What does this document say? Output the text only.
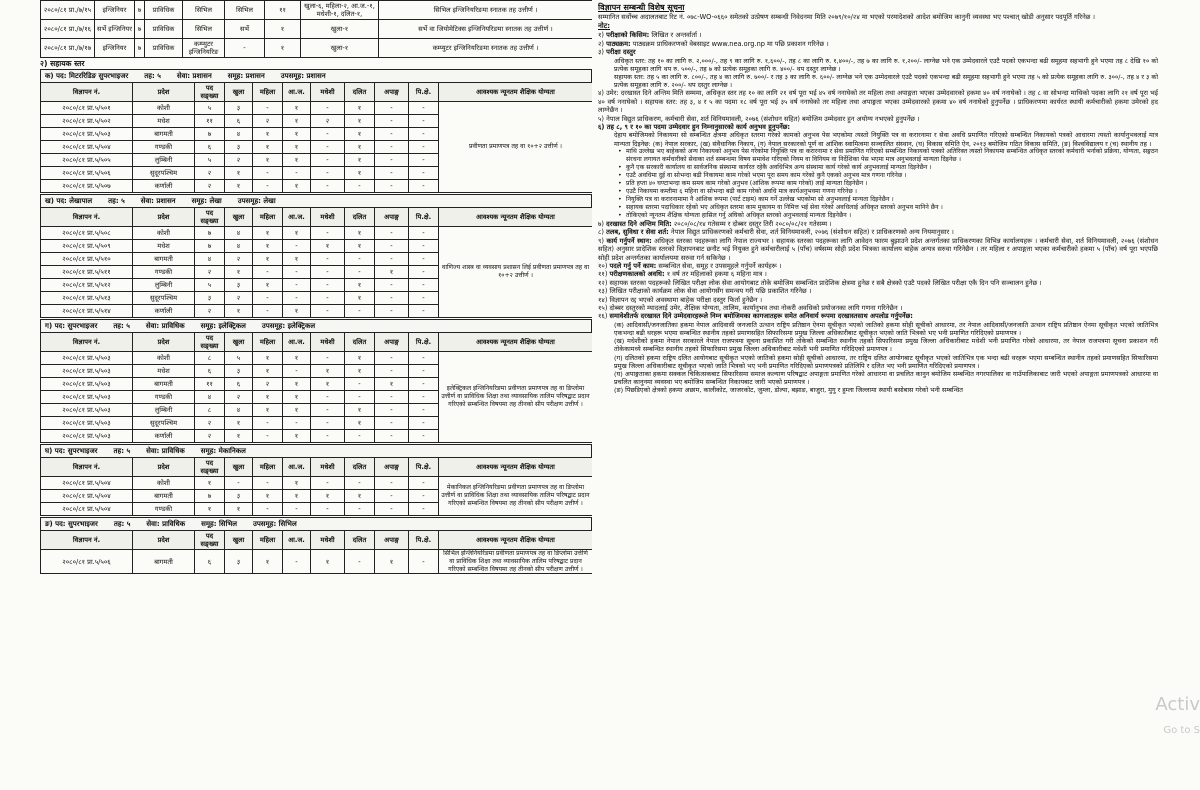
२०८०/८१ प्रा./७/१५	इन्जिनियर	७	प्राविधिक	सिभिल	सिभिल	११	खुला-६, महिला-२, आ.ज.-१, मधेशी-१, दलित-१,	सिभिल इन्जिनियरिङमा स्नातक तह उत्तीर्ण ।
२०८०/८१ प्रा./७/१६	सर्भे इन्जिनियर	७	प्राविधिक	सिभिल	सर्भे	१	खुला-१	सर्भे वा जियोमेटिक्स इन्जिनियरिङमा स्नातक तह उत्तीर्ण ।
२०८०/८१ प्रा./७/१७	इन्जिनियर	७	प्राविधिक	कम्प्युटर इन्जिनियरिङ	-	१	खुला-१	कम्प्युटर इन्जिनियरिङमा स्नातक तह उत्तीर्ण ।
२) सहायक स्तर
क) पद: मिटररिडिङ सुपरभाइजर तह: ५ सेवा: प्रशासन समूह: प्रशासन उपसमूह: प्रशासन
विज्ञापन नं.	प्रदेश	पद सङ्ख्या	खुला	महिला	आ.ज.	मधेशी	दलित	अपाङ्ग	पि.क्षे.	आवश्यक न्यूनतम शैक्षिक योग्यता
२०८०/८१ प्रा.५/५०१	कोशी	५	३	-	१	-	१	-	-	प्रवीणता प्रमाणपत्र तह वा १०+२ उत्तीर्ण ।
२०८०/८१ प्रा.५/५०२	मधेश	११	६	२	१	२	१	-	-	
२०८०/८१ प्रा.५/५०३	बागमती	७	४	१	१	-	१	-	-	
२०८०/८१ प्रा.५/५०४	गण्डकी	६	३	१	१	-	१	-	-	
२०८०/८१ प्रा.५/५०५	लुम्बिनी	५	२	१	१	-	१	-	-	
२०८०/८१ प्रा.५/५०६	सुदूरपश्चिम	२	१	-	-	-	१	-	-	
२०८०/८१ प्रा.५/५०७	कर्णाली	२	१	-	१	-	-	-	-	
ख) पद: लेखापाल तह: ५ सेवा: प्रशासन समूह: लेखा उपसमूह: लेखा
विज्ञापन नं.	प्रदेश	पद सङ्ख्या	खुला	महिला	आ.ज.	मधेशी	दलित	अपाङ्ग	पि.क्षे.	आवश्यक न्यूनतम शैक्षिक योग्यता
२०८०/८१ प्रा.५/५०८	कोशी	७	४	१	१	-	१	-	-	वाणिज्य शास्त्र वा व्यवसाय प्रशासन लिई प्रवीणता प्रमाणपत्र तह वा १०+२ उत्तीर्ण ।
२०८०/८१ प्रा.५/५०९	मधेश	७	४	१	-	१	१	-	-	
२०८०/८१ प्रा.५/५१०	बागमती	४	२	१	१	-	-	-	-	
२०८०/८१ प्रा.५/५११	गण्डकी	२	१	-	-	-	-	१	-	
२०८०/८१ प्रा.५/५१२	लुम्बिनी	५	३	१	-	-	१	-	-	
२०८०/८१ प्रा.५/५१३	सुदूरपश्चिम	३	२	-	-	-	१	-	-	
२०८०/८१ प्रा.५/५१४	कर्णाली	२	१	-	१	-	-	-	-	
ग) पद: सुपरभाइजर तह: ५ सेवा: प्राविधिक समूह: इलेक्ट्रिकल उपसमूह: इलेक्ट्रिकल
विज्ञापन नं.	प्रदेश	पद सङ्ख्या	खुला	महिला	आ.ज.	मधेशी	दलित	अपाङ्ग	पि.क्षे.	आवश्यक न्यूनतम शैक्षिक योग्यता
२०८०/८१ प्रा.५/५०३	कोशी	८	५	१	१	-	१	-	-	इलेक्ट्रिकल इन्जिनियरिङमा प्रवीणता प्रमाणपत्र तह वा डिप्लोमा उत्तीर्ण वा प्राविधिक शिक्षा तथा व्यावसायिक तालिम परिषद्बाट प्रदान गरिएको सम्बन्धित विषयमा तह तीनको सीप परीक्षण उत्तीर्ण ।
२०८०/८१ प्रा.५/५०३	मधेश	६	३	१	-	१	१	-	-	
२०८०/८१ प्रा.५/५०३	बागमती	११	६	२	१	१	-	१	-	
२०८०/८१ प्रा.५/५०३	गण्डकी	४	२	१	१	-	-	-	-	
२०८०/८१ प्रा.५/५०३	लुम्बिनी	८	४	१	१	-	१	-	-	
२०८०/८१ प्रा.५/५०३	सुदूरपश्चिम	२	१	-	-	-	१	-	-	
२०८०/८१ प्रा.५/५०३	कर्णाली	२	१	-	१	-	-	-	-	
घ) पद: सुपरभाइजर तह: ५ सेवा: प्राविधिक समूह: मेकानिकल
विज्ञापन नं.	प्रदेश	पद सङ्ख्या	खुला	महिला	आ.ज.	मधेशी	दलित	अपाङ्ग	पि.क्षे.	आवश्यक न्यूनतम शैक्षिक योग्यता
२०८०/८१ प्रा.५/५०४	कोशी	१	-	-	१	-	-	-	-	मेकानिकल इन्जिनियरिङमा प्रवीणता प्रमाणपत्र तह वा डिप्लोमा उत्तीर्ण वा प्राविधिक शिक्षा तथा व्यावसायिक तालिम परिषद्बाट प्रदान गरिएको सम्बन्धित विषयमा तह तीनको सीप परीक्षण उत्तीर्ण ।
२०८०/८१ प्रा.५/५०४	बागमती	७	३	१	१	१	१	-	-	
२०८०/८१ प्रा.५/५०४	गण्डकी	१	१	-	-	-	-	-	-	
ङ) पद: सुपरभाइजर तह: ५ सेवा: प्राविधिक समूह: सिभिल उपसमूह: सिभिल
विज्ञापन नं.	प्रदेश	पद सङ्ख्या	खुला	महिला	आ.ज.	मधेशी	दलित	अपाङ्ग	पि.क्षे.	आवश्यक न्यूनतम शैक्षिक योग्यता
२०८०/८१ प्रा.५/५०६	बागमती	६	३	१	-	१	-	१	-	सिभिल इन्जिनियरिङमा प्रवीणता प्रमाणपत्र तह वा डिप्लोमा उत्तीर्ण वा प्राविधिक शिक्षा तथा व्यावसायिक तालिम परिषद्बाट प्रदान गरिएको सम्बन्धित विषयमा तह तीनको सीप परीक्षण उत्तीर्ण ।
विज्ञापन सम्बन्धी विशेष सूचना

सम्मानित सर्वोच्च अदालतबाट रिट नं. ०७८-WO-०६६० समेतको उत्प्रेषण सम्बन्धी निवेदनमा मिति २०७९/१०/२४ मा भएको परमादेशको आदेश बमोजिम कानुनी व्यवस्था भए पश्चात् खोडी अनुसार पदपूर्ति गरिनेछ ।

नोट:

१) परीक्षाको किसिम: लिखित र अन्तर्वार्ता ।

२) पाठ्यक्रम: पाठ्यक्रम प्राधिकरणको वेबसाइट www.nea.org.np मा पछि प्रकाशन गरिनेछ ।

३) परीक्षा दस्तुर

अधिकृत स्तर: तह १० का लागि रु. २,०००/-, तह ९ का लागि रु. १,६००/-, तह ८ का लागि रु. १,४००/-, तह ७ का लागि रु. १,२००/- लाग्नेछ भने एक उम्मेदवारले एउटै पदको एकभन्दा बढी समूहमा सहभागी हुने भएमा तह ८ देखि १० को प्रत्येक समूहका लागि थप रु. ५००/-, तह ७ को प्रत्येक समूहका लागि रु. ४००/- थप दस्तुर लाग्नेछ ।

सहायक स्तर: तह ५ का लागि रु. ८००/-, तह ४ का लागि रु. ७००/- र तह ३ का लागि रु. ६००/- लाग्नेछ भने एक उम्मेदवारले एउटै पदको एकभन्दा बढी समूहमा सहभागी हुने भएमा तह ५ को प्रत्येक समूहका लागि रु. ३००/-, तह ४ र ३ को प्रत्येक समूहका लागि रु. २००/- थप दस्तुर लाग्नेछ ।

४) उमेर: दरखास्त दिने अन्तिम मिति सम्ममा, अधिकृत स्तर तह १० का लागि २१ वर्ष पूरा भई ४५ वर्ष ननाघेको तर महिला तथा अपाङ्गता भएका उम्मेदवारको हकमा ४० वर्ष ननाघेको । तह ८ वा सोभन्दा माथिको पदका लागि २१ वर्ष पूरा भई ४० वर्ष ननाघेको । सहायक स्तर: तह ३, ४ र ५ का पदमा १८ वर्ष पूरा भई ३५ वर्ष ननाघेको तर महिला तथा अपाङ्गता भएका उम्मेदवारको हकमा ४० वर्ष ननाघेको हुनुपर्नेछ । प्राधिकरणमा कार्यरत स्थायी कर्मचारीको हकमा उमेरको हद लाग्नेछैन ।

५) नेपाल विद्युत प्राधिकरण, कर्मचारी सेवा, शर्त विनियमावली, २०७६ (संशोधन सहित) बमोजिम उम्मेदवार हुन अयोग्य नभएको हुनुपर्नेछ ।

६) तह ८, ९ र १० का पदमा उम्मेदवार हुन निम्नानुसारको कार्य अनुभव हुनुपर्नेछ:

देहाय बमोजिमको निकायमा सो सम्बन्धित क्षेत्रमा अधिकृत स्तरमा गरेको कामको अनुभव पेस भएकोमा त्यस्तो नियुक्ति पत्र वा करारनामा र सेवा अवधि प्रमाणित गरिएको सम्बन्धित निकायको पत्रको आधारमा त्यस्तो कार्यानुभवलाई मात्र मान्यता दिइनेछ: (क) नेपाल सरकार, (ख) संवैधानिक निकाय, (ग) नेपाल सरकारको पूर्ण वा आंशिक स्वामित्वमा सञ्चालित संस्थान, (घ) विकास समिति ऐन, २०१३ बमोजिम गठित विकास समिति, (ङ) विश्वविद्यालय र (च) स्थानीय तह ।

• माथि उल्लेख भए बाहेकको अन्य निकायको अनुभव पेस गरेकोमा नियुक्ति पत्र वा करारनामा र सेवा प्रमाणित गरिएको सम्बन्धित निकायको पत्रको अतिरिक्त त्यस्तो निकायमा सम्बन्धित अधिकृत स्तरको कर्मचारी भर्नाको प्रक्रिया, योग्यता, सङ्गठन संरचना लगायत कर्मचारीको सेवाका शर्त सम्बन्धमा विषय समावेश गरिएको नियम वा विनियम वा निर्देशिका पेस भएमा मात्र अनुभवलाई मान्यता दिइनेछ ।

• कुनै एक सरकारी कार्यालय वा सार्वजनिक संस्थामा कार्यरत रहेकै अवधिभित्र अन्य संस्थामा कार्य गरेको कार्य अनुभवलाई मान्यता दिइनेछैन ।

• एउटै अवधिमा दुई वा सोभन्दा बढी निकायमा काम गरेको भएमा पूरा समय काम गरेको कुनै एकको अनुभव मात्र गणना गरिनेछ ।

• प्रति हप्ता ४० घण्टाभन्दा कम समय काम गरेको अनुभव (आंशिक रूपमा काम गरेको) लाई मान्यता दिइनेछैन ।

• एउटै निकायमा कम्तीमा ६ महिना वा सोभन्दा बढी काम गरेको अवधि मात्र कार्यअनुभवमा गणना गरिनेछ ।

• नियुक्ति पत्र वा करारनामामा नै आंशिक रूपमा (पार्ट टाइम) काम गर्ने उल्लेख भएकोमा सो अनुभवलाई मान्यता दिइनेछैन ।

• सहायक स्तरमा पदाधिकार रहेको भए अधिकृत स्तरमा काम मुकायम वा निमित्त भई सेवा गरेको अवधिलाई अधिकृत स्तरको अनुभव मानिने छैन ।

• तोकिएको न्यूनतम शैक्षिक योग्यता हासिल गर्नु अघिको अधिकृत स्तरको अनुभवलाई मान्यता दिइनेछैन ।

७) दरखास्त दिने अन्तिम मिति: २०८०/०८/१४ गतेसम्म र दोब्बर दस्तुर तिरी २०८०/०८/२१ गतेसम्म ।

८) तलब, सुविधा र सेवा शर्त: नेपाल विद्युत प्राधिकरणको कर्मचारी सेवा, शर्त विनियमावली, २०७६ (संशोधन सहित) र प्राधिकरणको अन्य नियमानुसार ।

९) कार्य गर्नुपर्ने स्थान: अधिकृत स्तरका पदहरूका लागि नेपाल राज्यभर । सहायक स्तरका पदहरूका लागि आवेदन फारम बुझाउने प्रदेश अन्तर्गतका प्राधिकरणका विभिन्न कार्यालयहरू । कर्मचारी सेवा, शर्त विनियमावली, २०७६ (संशोधन सहित) अनुसार प्रादेशिक स्तरको विज्ञापनबाट छनौट भई नियुक्त हुने कर्मचारीलाई ५ (पाँच) वर्षसम्म सोही प्रदेश भित्रका कार्यालय बाहेक अन्यत्र सरुवा गरिनेछैन । तर महिला र अपाङ्गता भएका कर्मचारीको हकमा ५ (पाँच) वर्ष पूरा भएपछि सोही प्रदेश अन्तर्गतका कार्यालयमा सरुवा गर्न सकिनेछ ।

१०) पदले गर्नु पर्ने काम: सम्बन्धित सेवा, समूह र उपसमूहले गर्नुपर्ने कार्यहरू ।

११) परीक्षणकालको अवधि: १ वर्ष तर महिलाको हकमा ६ महिना मात्र ।

१२) सहायक स्तरका पदहरूको लिखित परीक्षा लोक सेवा आयोगबाट तोके बमोजिम सम्बन्धित प्रादेशिक क्षेत्रमा हुनेछ र सबै क्षेत्रको एउटै पदको लिखित परीक्षा एकै दिन पनि सञ्चालन हुनेछ ।

१३) लिखित परीक्षाको कार्यक्रम लोक सेवा आयोगसँग समन्वय गरी पछि प्रकाशित गरिनेछ ।

१४) विज्ञापन रद्द भएको अवस्थामा बाहेक परीक्षा दस्तुर फिर्ता हुनेछैन ।

१५) दोब्बर दस्तुरको म्यादलाई उमेर, शैक्षिक योग्यता, तालिम, कार्यानुभव तथा नोकरी अवधिको प्रयोजनका लागि गणना गरिनेछैन ।

१६) समावेशीतर्फ दरखास्त दिने उम्मेदवारहरूले निम्न बमोजिमका कागजातहरू समेत अनिवार्य रूपमा दरखास्तसाथ अपलोड गर्नुपर्नेछ:

(क) आदिवासी/जनजातिका हकमा नेपाल आदिवासी जनजाति उत्थान राष्ट्रिय प्रतिष्ठान ऐनमा सूचीकृत भएको जातिको हकमा सोही सूचीको आधारमा, तर नेपाल आदिवासी/जनजाति उत्थान राष्ट्रिय प्रतिष्ठान ऐनमा सूचीकृत भएको जातिभित्र एकभन्दा बढी थरहरू भएमा सम्बन्धित स्थानीय तहको प्रमाणसहित सिफारिसमा प्रमुख जिल्ला अधिकारीबाट सूचीकृत भएको जाति भित्रको भए भनी प्रमाणित गरिदिएको प्रमाणपत्र ।

(ख) मधेशीको हकमा नेपाल सरकारले नेपाल राजपत्रमा सूचना प्रकाशित गरी तोकेको सम्बन्धित स्थानीय तहको सिफारिसमा प्रमुख जिल्ला अधिकारीबाट मधेशी भनी प्रमाणित गरेको आधारमा, तर नेपाल राजपत्रमा सूचना प्रकाशन गरी तोकेकामध्ये सम्बन्धित स्थानीय तहको सिफारिसमा प्रमुख जिल्ला अधिकारीबाट मधेशी भनी प्रमाणित गरिदिएको प्रमाणपत्र ।

(ग) दलितको हकमा राष्ट्रिय दलित आयोगबाट सूचीकृत भएको जातिको हकमा सोही सूचीको आधारमा, तर राष्ट्रिय दलित आयोगबाट सूचीकृत भएको जातिभित्र एक भन्दा बढी थरहरू भएमा सम्बन्धित स्थानीय तहको प्रमाणसहित सिफारिसमा प्रमुख जिल्ला अधिकारीबाट सूचीकृत भएको जाति भित्रको भए भनी प्रमाणित गरिदिएको प्रमाणपत्रको प्रतिलिपि र दलित भए भनी प्रमाणित गरिदिएको प्रमाणपत्र ।

(घ) अपाङ्गताका हकमा सक्कल चिकित्सकबाट सिफारिसमा समाज कल्याण परिषद्बाट अपाङ्गता प्रमाणित गरेको आधारमा वा प्रचलित कानुन बमोजिम सम्बन्धित नगरपालिका वा गाउँपालिकाबाट जारी भएको अपाङ्गता प्रमाणपत्रको आधारमा वा प्रचलित कानुनमा व्यवस्था भए बमोजिम सम्बन्धित निकायबाट जारी भएको प्रमाणपत्र ।

(ङ) पिछडिएको क्षेत्रको हकमा अछाम, कालीकोट, जाजरकोट, जुम्ला, डोल्पा, बझाङ, बाजुरा, मुगु र हुम्ला जिल्लामा स्थायी बसोबास गरेको भनी सम्बन्धित

Activ
Go to S
